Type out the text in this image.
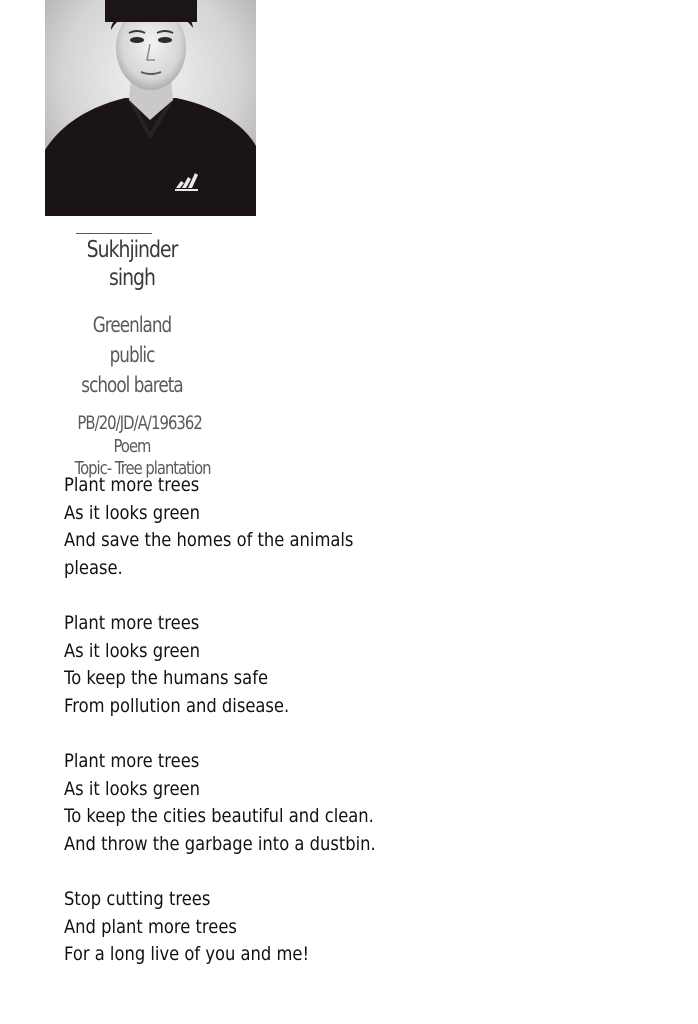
Sukhjinder singh
Greenland public
school bareta
PB/20/JD/A/196362
Poem
Topic- Tree plantation
Plant more trees
As it looks green
And save the homes of the animals
please.
Plant more trees
As it looks green
To keep the humans safe
From pollution and disease.
Plant more trees
As it looks green
To keep the cities beautiful and clean.
And throw the garbage into a dustbin.
Stop cutting trees
And plant more trees
For a long live of you and me!
